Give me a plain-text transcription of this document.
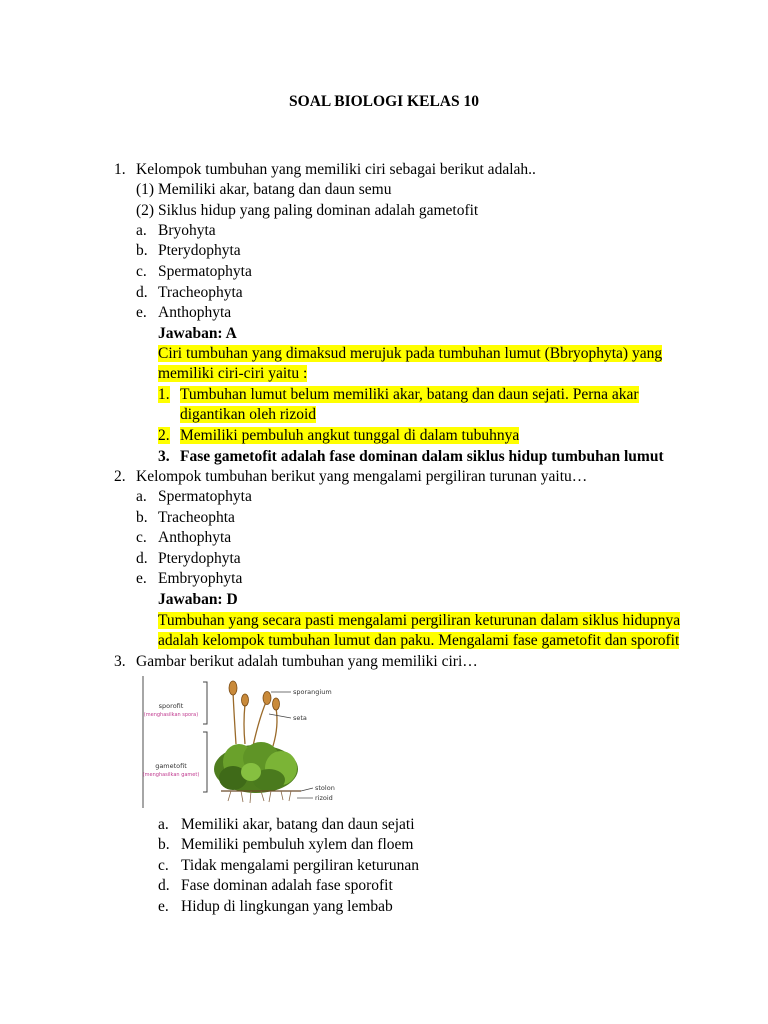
SOAL BIOLOGI KELAS 10
1. Kelompok tumbuhan yang memiliki ciri sebagai berikut adalah..
(1) Memiliki akar, batang dan daun semu
(2) Siklus hidup yang paling dominan adalah gametofit
a. Bryohyta
b. Pterydophyta
c. Spermatophyta
d. Tracheophyta
e. Anthophyta
Jawaban: A
Ciri tumbuhan yang dimaksud merujuk pada tumbuhan lumut (Bbryophyta) yang
memiliki ciri-ciri yaitu :
1. Tumbuhan lumut belum memiliki akar, batang dan daun sejati. Perna akar
digantikan oleh rizoid
2. Memiliki pembuluh angkut tunggal di dalam tubuhnya
3. Fase gametofit adalah fase dominan dalam siklus hidup tumbuhan lumut
2. Kelompok tumbuhan berikut yang mengalami pergiliran turunan yaitu…
a. Spermatophyta
b. Tracheophta
c. Anthophyta
d. Pterydophyta
e. Embryophyta
Jawaban: D
Tumbuhan yang secara pasti mengalami pergiliran keturunan dalam siklus hidupnya
adalah kelompok tumbuhan lumut dan paku. Mengalami fase gametofit dan sporofit
3. Gambar berikut adalah tumbuhan yang memiliki ciri…
sporofit
(menghasilkan spora)
gametofit
(menghasilkan gamet)
sporangium
seta
stolon
rizoid
a. Memiliki akar, batang dan daun sejati
b. Memiliki pembuluh xylem dan floem
c. Tidak mengalami pergiliran keturunan
d. Fase dominan adalah fase sporofit
e. Hidup di lingkungan yang lembab
